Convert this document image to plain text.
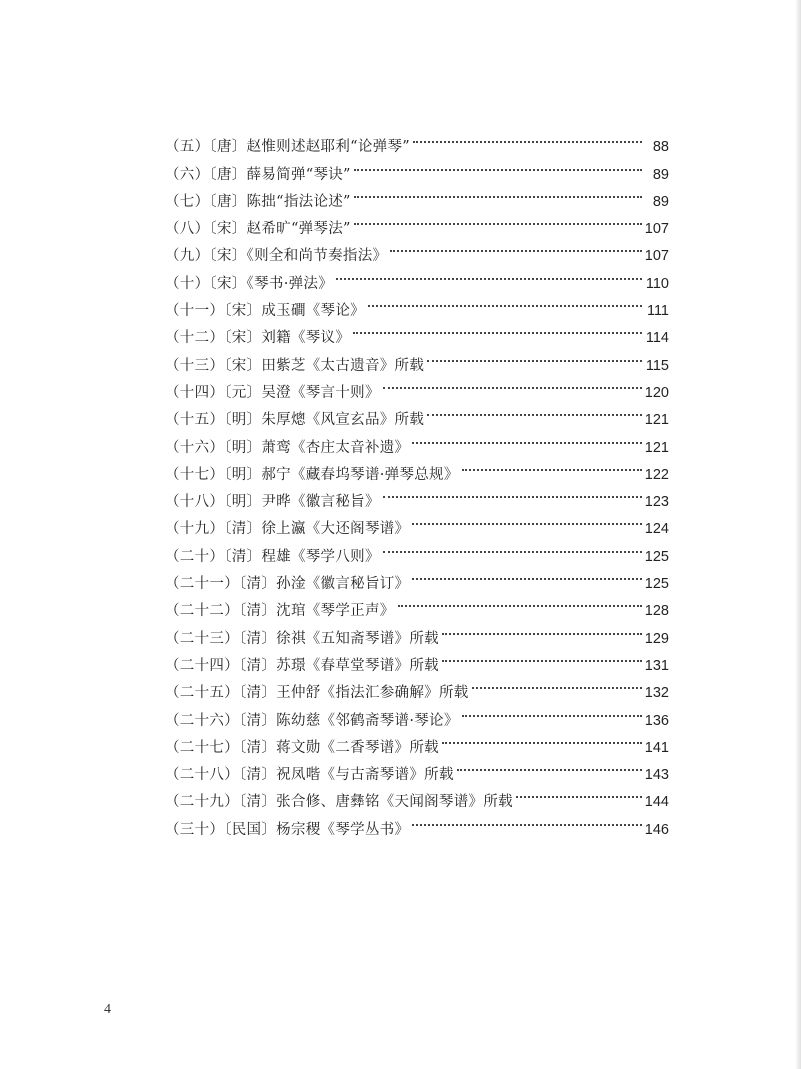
（五）〔唐〕赵惟则述赵耶利“论弹琴”	88
（六）〔唐〕薛易简弹“琴诀”	89
（七）〔唐〕陈拙“指法论述”	89
（八）〔宋〕赵希旷“弹琴法”	107
（九）〔宋〕《则全和尚节奏指法》	107
（十）〔宋〕《琴书·弹法》	110
（十一）〔宋〕成玉磵《琴论》	111
（十二）〔宋〕刘籍《琴议》	114
（十三）〔宋〕田紫芝《太古遗音》所载	115
（十四）〔元〕吴澄《琴言十则》	120
（十五）〔明〕朱厚熜《风宣玄品》所载	121
（十六）〔明〕萧鸾《杏庄太音补遗》	121
（十七）〔明〕郝宁《藏春坞琴谱·弹琴总规》	122
（十八）〔明〕尹晔《徽言秘旨》	123
（十九）〔清〕徐上瀛《大还阁琴谱》	124
（二十）〔清〕程雄《琴学八则》	125
（二十一）〔清〕孙淦《徽言秘旨订》	125
（二十二）〔清〕沈琯《琴学正声》	128
（二十三）〔清〕徐祺《五知斋琴谱》所载	129
（二十四）〔清〕苏璟《春草堂琴谱》所载	131
（二十五）〔清〕王仲舒《指法汇参确解》所载	132
（二十六）〔清〕陈幼慈《邻鹤斋琴谱·琴论》	136
（二十七）〔清〕蒋文勋《二香琴谱》所载	141
（二十八）〔清〕祝凤喈《与古斋琴谱》所载	143
（二十九）〔清〕张合修、唐彝铭《天闻阁琴谱》所载	144
（三十）〔民国〕杨宗稷《琴学丛书》	146
4
